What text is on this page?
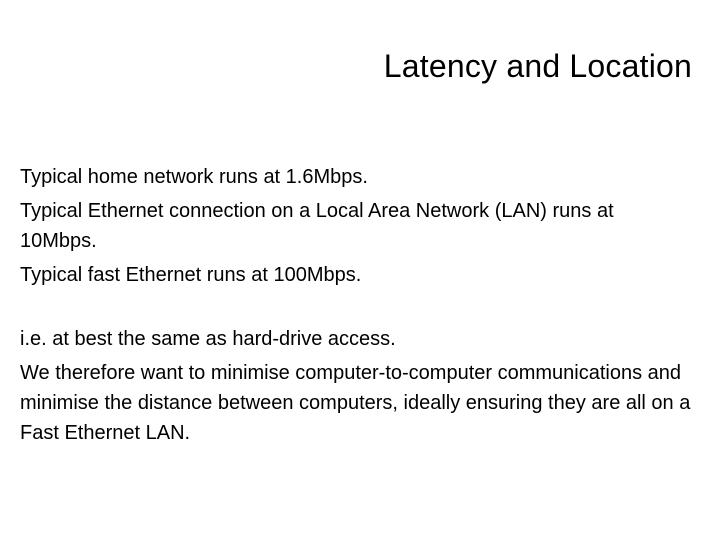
Latency and Location

Typical home network runs at 1.6Mbps.

Typical Ethernet connection on a Local Area Network (LAN) runs at 10Mbps.

Typical fast Ethernet runs at 100Mbps.

i.e. at best the same as hard-drive access.

We therefore want to minimise computer-to-computer communications and minimise the distance between computers, ideally ensuring they are all on a Fast Ethernet LAN.
